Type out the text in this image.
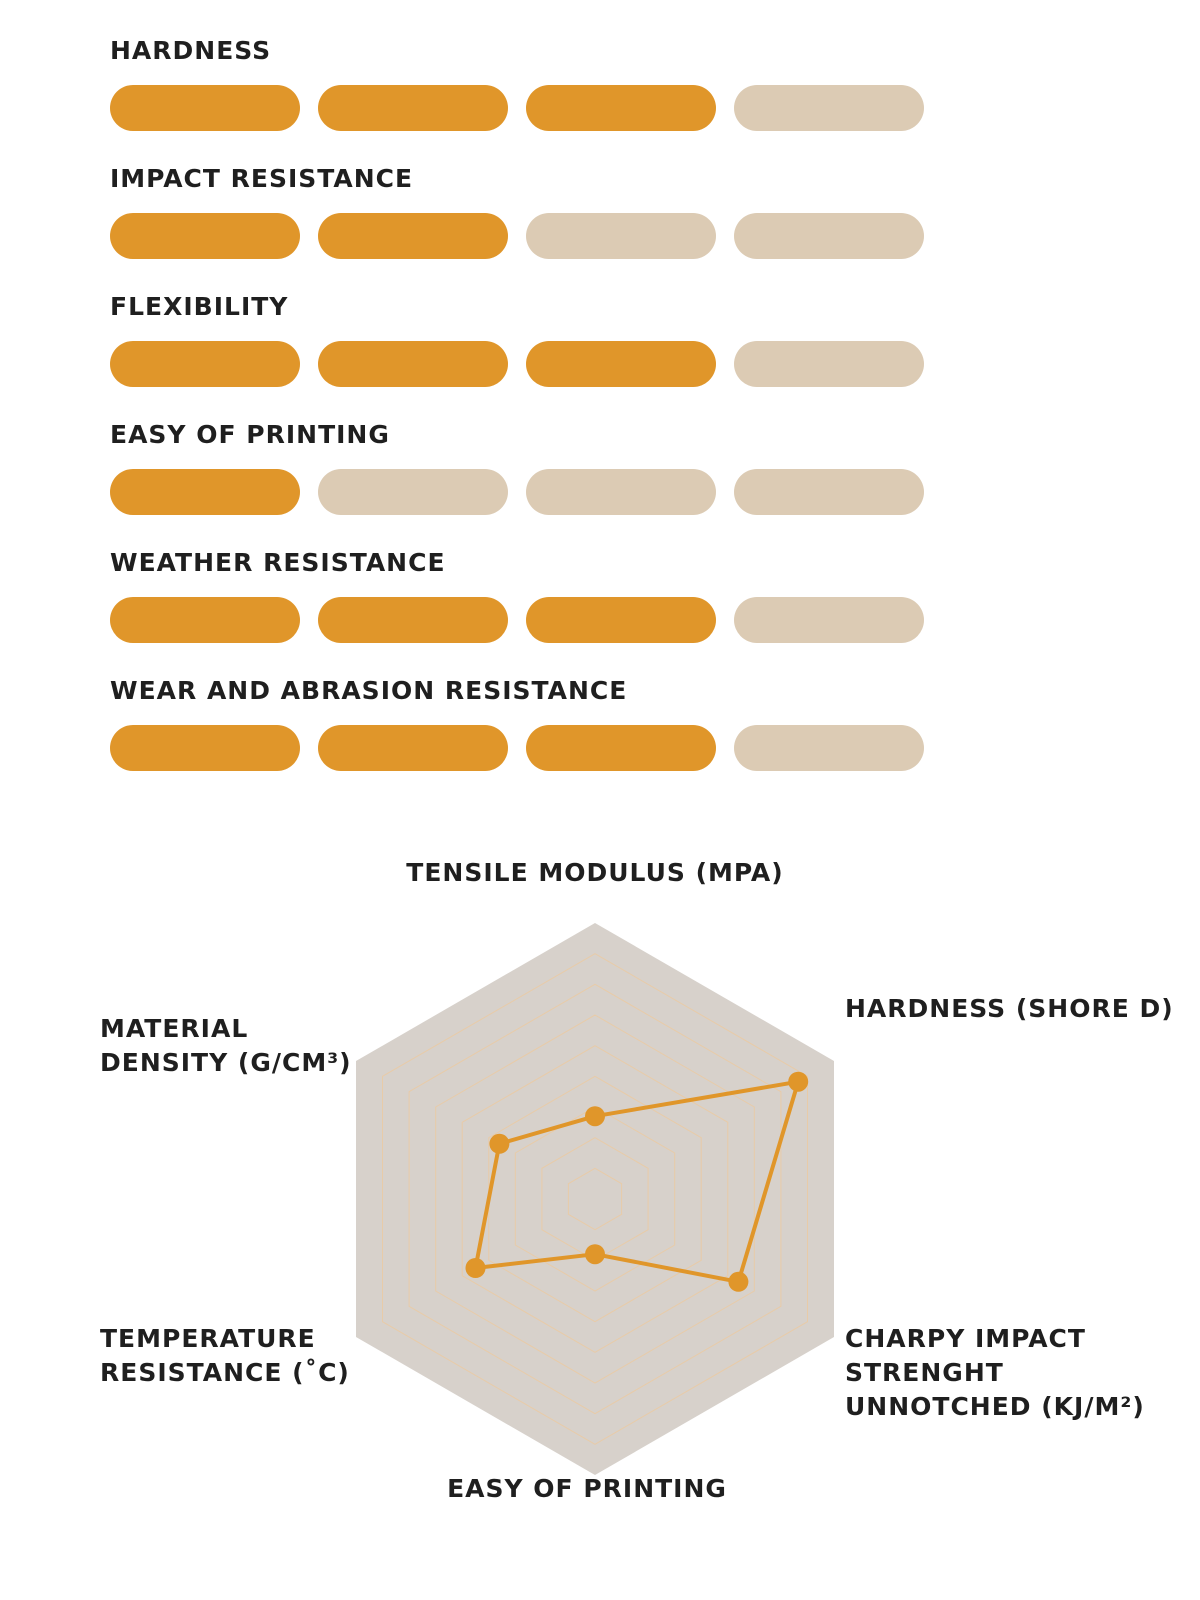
HARDNESS
IMPACT RESISTANCE
FLEXIBILITY
EASY OF PRINTING
WEATHER RESISTANCE
WEAR AND ABRASION RESISTANCE
TENSILE MODULUS (MPA)
HARDNESS (SHORE D)
CHARPY IMPACT
STRENGHT
UNNOTCHED (KJ/M²)
EASY OF PRINTING
TEMPERATURE
RESISTANCE (˚C)
MATERIAL
DENSITY (G/CM³)
